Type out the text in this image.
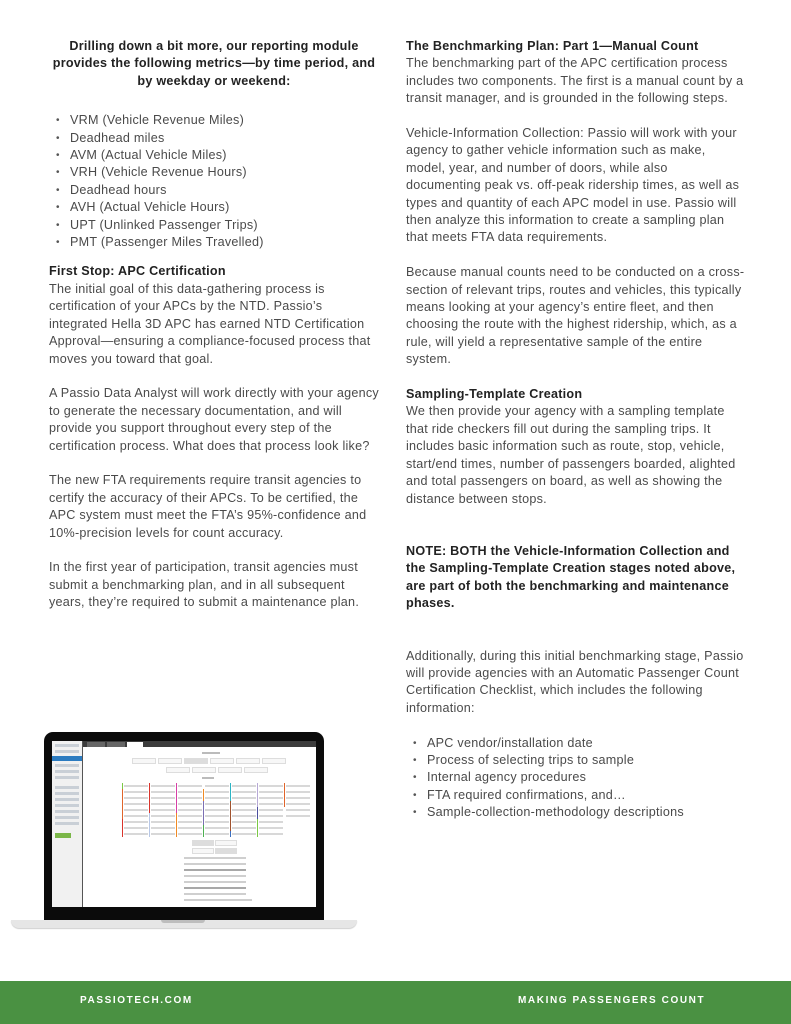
Drilling down a bit more, our reporting module provides the following metrics—by time period, and by weekday or weekend:

• VRM (Vehicle Revenue Miles)
• Deadhead miles
• AVM (Actual Vehicle Miles)
• VRH (Vehicle Revenue Hours)
• Deadhead hours
• AVH (Actual Vehicle Hours)
• UPT (Unlinked Passenger Trips)
• PMT (Passenger Miles Travelled)

First Stop: APC Certification

The initial goal of this data-gathering process is certification of your APCs by the NTD. Passio’s integrated Hella 3D APC has earned NTD Certification Approval—ensuring a compliance-focused process that moves you toward that goal.

A Passio Data Analyst will work directly with your agency to generate the necessary documentation, and will provide you support throughout every step of the certification process. What does that process look like?

The new FTA requirements require transit agencies to certify the accuracy of their APCs. To be certified, the APC system must meet the FTA’s 95%-confidence and 10%-precision levels for count accuracy.

In the first year of participation, transit agencies must submit a benchmarking plan, and in all subsequent years, they’re required to submit a maintenance plan.

The Benchmarking Plan: Part 1—Manual Count

The benchmarking part of the APC certification process includes two components. The first is a manual count by a transit manager, and is grounded in the following steps.

Vehicle-Information Collection: Passio will work with your agency to gather vehicle information such as make, model, year, and number of doors, while also documenting peak vs. off-peak ridership times, as well as types and quantity of each APC model in use. Passio will then analyze this information to create a sampling plan that meets FTA data requirements.

Because manual counts need to be conducted on a cross-section of relevant trips, routes and vehicles, this typically means looking at your agency’s entire fleet, and then choosing the route with the highest ridership, which, as a rule, will yield a representative sample of the entire system.

Sampling-Template Creation

We then provide your agency with a sampling template that ride checkers fill out during the sampling trips. It includes basic information such as route, stop, vehicle, start/end times, number of passengers boarded, alighted and total passengers on board, as well as showing the distance between stops.

NOTE: BOTH the Vehicle-Information Collection and the Sampling-Template Creation stages noted above, are part of both the benchmarking and maintenance phases.

Additionally, during this initial benchmarking stage, Passio will provide agencies with an Automatic Passenger Count Certification Checklist, which includes the following information:

• APC vendor/installation date
• Process of selecting trips to sample
• Internal agency procedures
• FTA required confirmations, and…
• Sample-collection-methodology descriptions
PASSIOTECH.COM	MAKING PASSENGERS COUNT
